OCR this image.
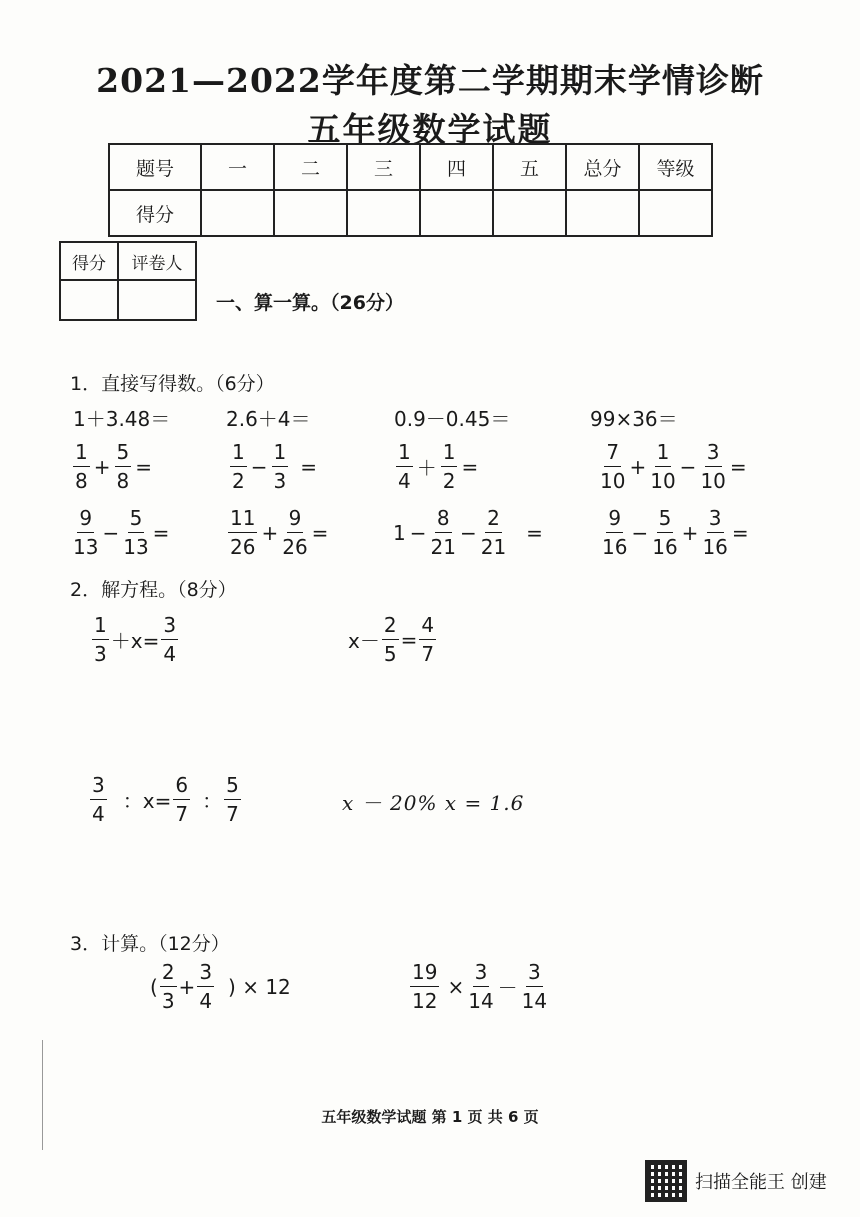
2021—2022学年度第二学期期末学情诊断
五年级数学试题
题号	一	二	三	四	五	总分	等级
得分							
得分	评卷人

一、算一算。（26分）
1．直接写得数。（6分）
1＋3.48＝	2.6＋4＝	0.9－0.45＝	99×36＝
$\frac{1}{8} + \frac{5}{8}$ =	$\frac{1}{2} - \frac{1}{3}$ =	$\frac{1}{4} + \frac{1}{2}$ =	$\frac{7}{10} + \frac{1}{10} - \frac{3}{10}$ =
$\frac{9}{13} - \frac{5}{13}$ =	$\frac{11}{26} + \frac{9}{26}$ =	$1 - \frac{8}{21} - \frac{2}{21}$ =	$\frac{9}{16} - \frac{5}{16} + \frac{3}{16}$ =
2．解方程。（8分）
$\frac{1}{3} +x= \frac{3}{4}$	$x- \frac{2}{5} = \frac{4}{7}$
$\frac{3}{4}$ ：$x= \frac{6}{7}$ ： $\frac{5}{7}$	x － 20% x = 1.6
3．计算。（12分）
( $\frac{2}{3} + \frac{3}{4}$ ) × 12	$\frac{19}{12} \times \frac{3}{14} - \frac{3}{14}$
五年级数学试题 第 1 页 共 6 页
扫描全能王 创建
